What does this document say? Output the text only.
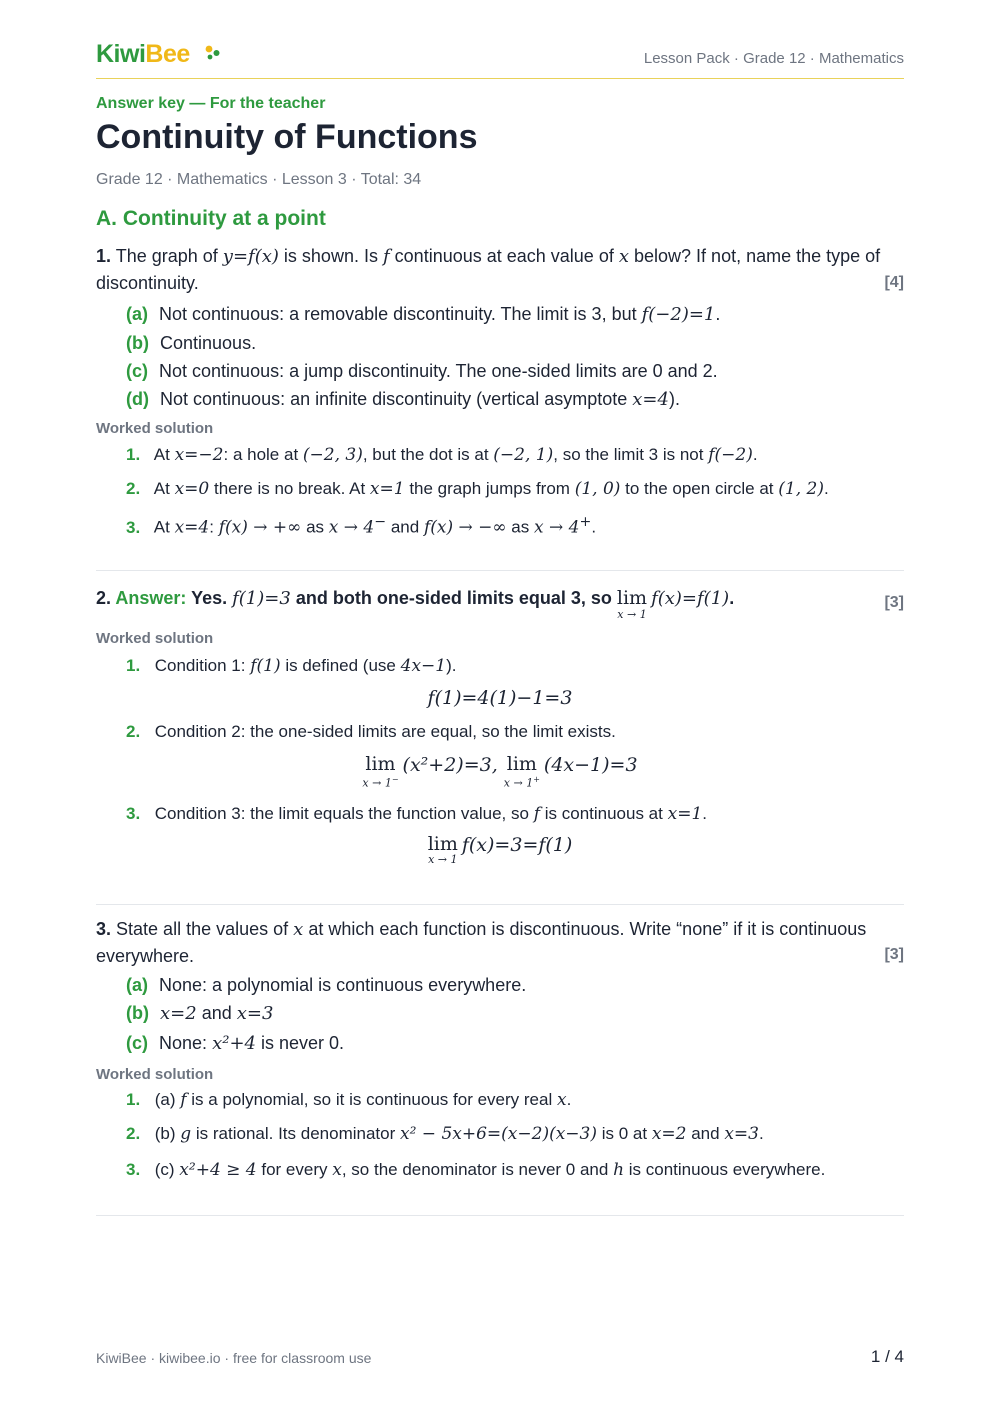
KiwiBee	Lesson Pack · Grade 12 · Mathematics
Answer key — For the teacher
Continuity of Functions
Grade 12 · Mathematics · Lesson 3 · Total: 34
A. Continuity at a point
1. The graph of y=f(x) is shown. Is f continuous at each value of x below? If not, name the type of discontinuity.	[4]
(a) Not continuous: a removable discontinuity. The limit is 3, but f(−2)=1.
(b) Continuous.
(c) Not continuous: a jump discontinuity. The one-sided limits are 0 and 2.
(d) Not continuous: an infinite discontinuity (vertical asymptote x=4).
Worked solution
1. At x=−2: a hole at (−2, 3), but the dot is at (−2, 1), so the limit 3 is not f(−2).
2. At x=0 there is no break. At x=1 the graph jumps from (1, 0) to the open circle at (1, 2).
3. At x=4: f(x) → +∞ as x → 4− and f(x) → −∞ as x → 4+.
2. Answer: Yes. f(1)=3 and both one-sided limits equal 3, so lim
x → 1
f(x)=f(1).	[3]
Worked solution
1. Condition 1: f(1) is defined (use 4x−1).
f(1)=4(1)−1=3
2. Condition 2: the one-sided limits are equal, so the limit exists.
lim
x → 1−
(x²+2)=3, lim
x → 1+
(4x−1)=3
3. Condition 3: the limit equals the function value, so f is continuous at x=1.
lim
x → 1
f(x)=3=f(1)
3. State all the values of x at which each function is discontinuous. Write “none” if it is continuous everywhere.	[3]
(a) None: a polynomial is continuous everywhere.
(b) x=2 and x=3
(c) None: x²+4 is never 0.
Worked solution
1. (a) f is a polynomial, so it is continuous for every real x.
2. (b) g is rational. Its denominator x² − 5x+6=(x−2)(x−3) is 0 at x=2 and x=3.
3. (c) x²+4 ≥ 4 for every x, so the denominator is never 0 and h is continuous everywhere.
KiwiBee · kiwibee.io · free for classroom use	1 / 4
